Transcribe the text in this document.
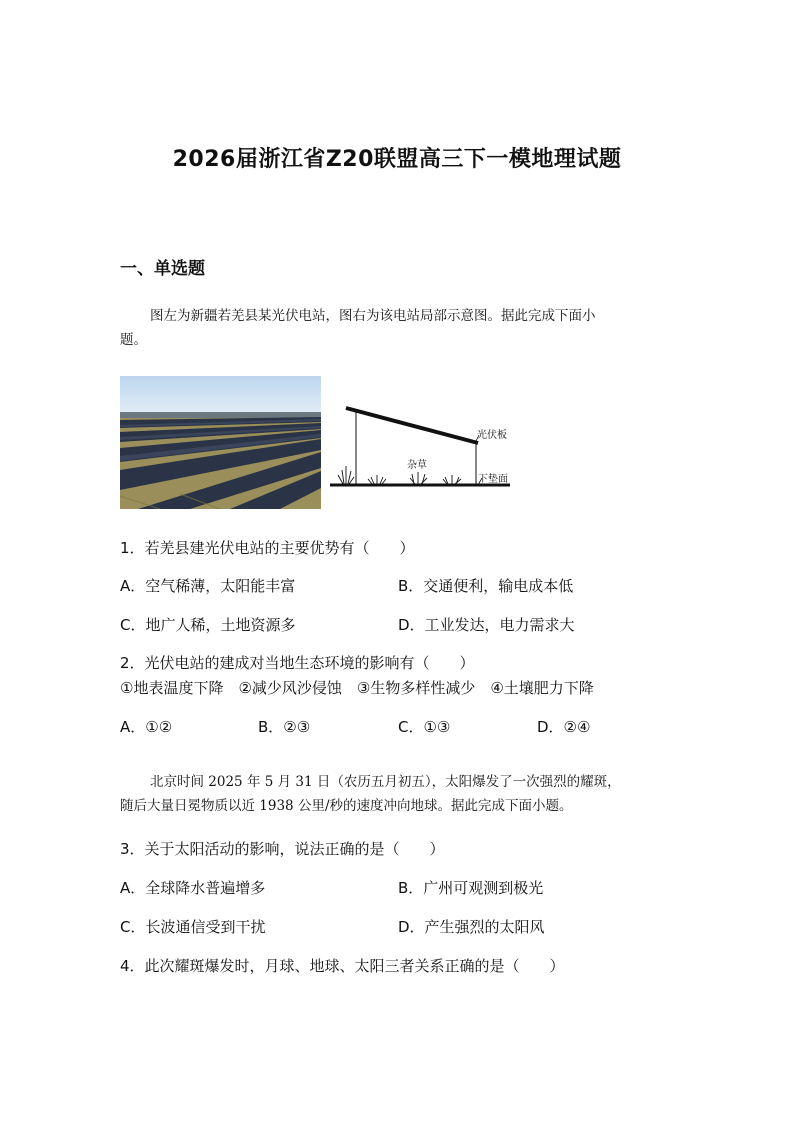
2026届浙江省Z20联盟高三下一模地理试题
一、单选题
图左为新疆若羌县某光伏电站，图右为该电站局部示意图。据此完成下面小
题。
光伏板
杂草
下垫面
1．若羌县建光伏电站的主要优势有（　　）
A．空气稀薄，太阳能丰富	B．交通便利，输电成本低
C．地广人稀，土地资源多	D．工业发达，电力需求大
2．光伏电站的建成对当地生态环境的影响有（　　）
①地表温度下降　②减少风沙侵蚀　③生物多样性减少　④土壤肥力下降
A．①②	B．②③	C．①③	D．②④
北京时间 2025 年 5 月 31 日（农历五月初五），太阳爆发了一次强烈的耀斑，
随后大量日冕物质以近 1938 公里/秒的速度冲向地球。据此完成下面小题。
3．关于太阳活动的影响，说法正确的是（　　）
A．全球降水普遍增多	B．广州可观测到极光
C．长波通信受到干扰	D．产生强烈的太阳风
4．此次耀斑爆发时，月球、地球、太阳三者关系正确的是（　　）
